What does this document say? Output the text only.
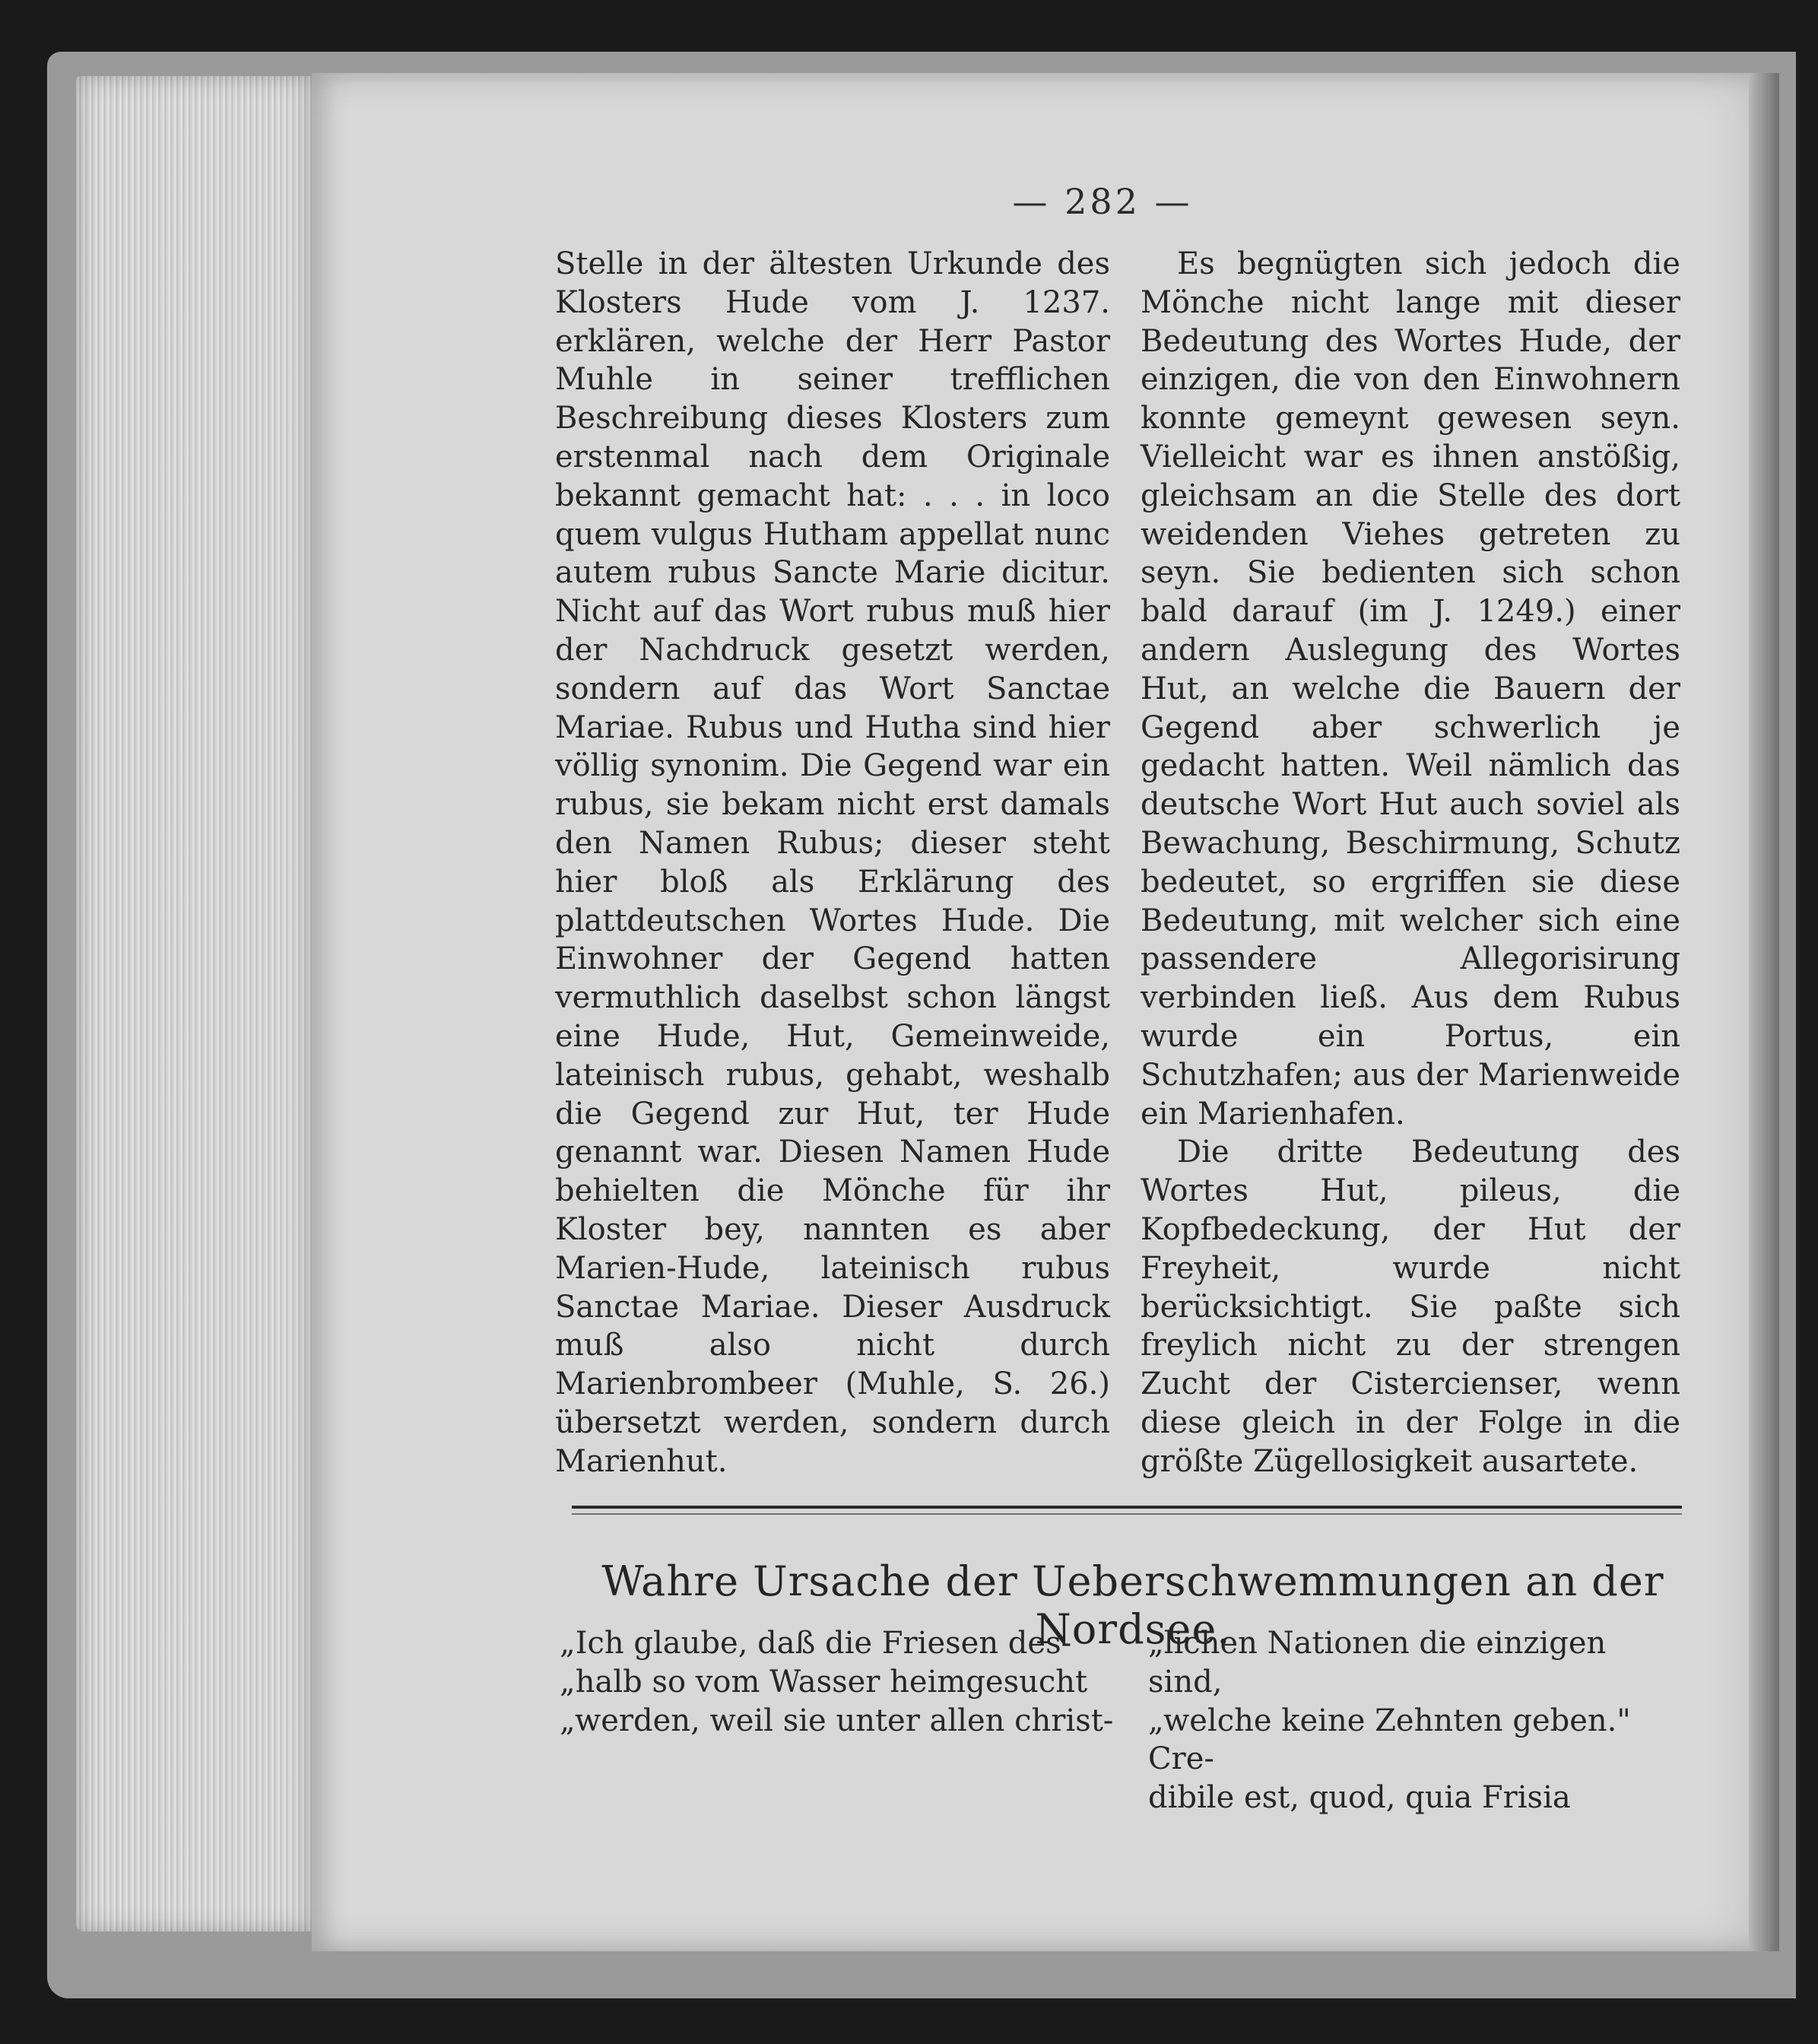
— 282 —

Stelle in der ältesten Urkunde des Klosters Hude vom J. 1237. erklären, welche der Herr Pastor Muhle in seiner trefflichen Beschreibung dieses Klosters zum erstenmal nach dem Originale bekannt gemacht hat: . . . in loco quem vulgus Hutham appellat nunc autem rubus Sancte Marie dicitur. Nicht auf das Wort rubus muß hier der Nachdruck gesetzt werden, sondern auf das Wort Sanctae Mariae. Rubus und Hutha sind hier völlig synonim. Die Gegend war ein rubus, sie bekam nicht erst damals den Namen Rubus; dieser steht hier bloß als Erklärung des plattdeutschen Wortes Hude. Die Einwohner der Gegend hatten vermuthlich daselbst schon längst eine Hude, Hut, Gemeinweide, lateinisch rubus, gehabt, weshalb die Gegend zur Hut, ter Hude genannt war. Diesen Namen Hude behielten die Mönche für ihr Kloster bey, nannten es aber Marien-Hude, lateinisch rubus Sanctae Mariae. Dieser Ausdruck muß also nicht durch Marienbrombeer (Muhle, S. 26.) übersetzt werden, sondern durch Marienhut.

Es begnügten sich jedoch die Mönche nicht lange mit dieser Bedeutung des Wortes Hude, der einzigen, die von den Einwohnern konnte gemeynt gewesen seyn. Vielleicht war es ihnen anstößig, gleichsam an die Stelle des dort weidenden Viehes getreten zu seyn. Sie bedienten sich schon bald darauf (im J. 1249.) einer andern Auslegung des Wortes Hut, an welche die Bauern der Gegend aber schwerlich je gedacht hatten. Weil nämlich das deutsche Wort Hut auch soviel als Bewachung, Beschirmung, Schutz bedeutet, so ergriffen sie diese Bedeutung, mit welcher sich eine passendere Allegorisirung verbinden ließ. Aus dem Rubus wurde ein Portus, ein Schutzhafen; aus der Marienweide ein Marienhafen.

Die dritte Bedeutung des Wortes Hut, pileus, die Kopfbedeckung, der Hut der Freyheit, wurde nicht berücksichtigt. Sie paßte sich freylich nicht zu der strengen Zucht der Cistercienser, wenn diese gleich in der Folge in die größte Zügellosigkeit ausartete.

Wahre Ursache der Ueberschwemmungen an der Nordsee.
„Ich glaube, daß die Friesen des-
„halb so vom Wasser heimgesucht
„werden, weil sie unter allen christ-
„lichen Nationen die einzigen sind,
„welche keine Zehnten geben." Cre-
dibile est, quod, quia Frisia
